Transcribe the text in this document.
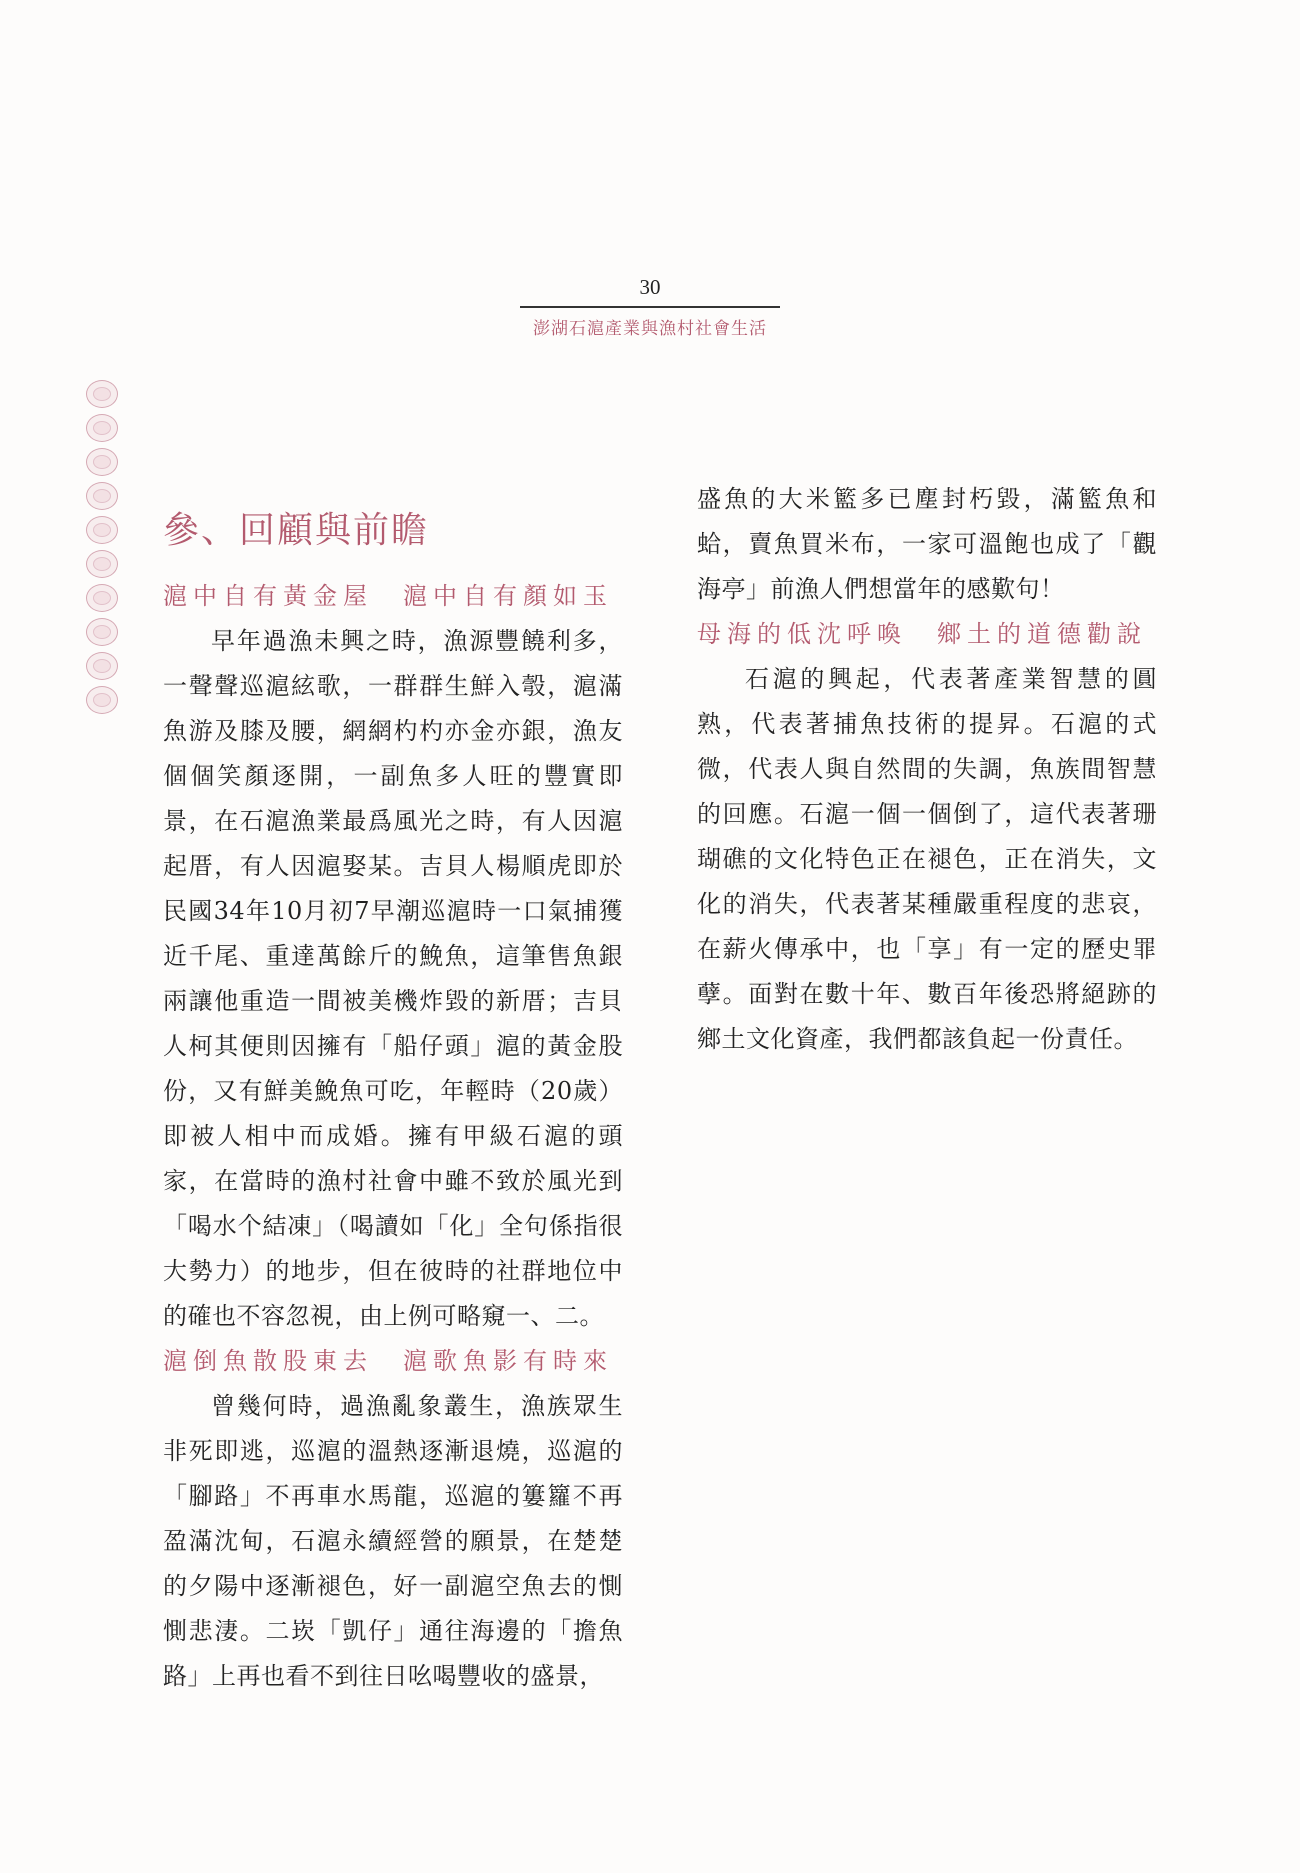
30
澎湖石滬產業與漁村社會生活
參、回顧與前瞻
滬中自有黃金屋　滬中自有顏如玉

早年過漁未興之時，漁源豐饒利多，一聲聲巡滬絃歌，一群群生鮮入彀，滬滿魚游及膝及腰，網網杓杓亦金亦銀，漁友個個笑顏逐開，一副魚多人旺的豐實即景，在石滬漁業最爲風光之時，有人因滬起厝，有人因滬娶某。吉貝人楊順虎即於民國34年10月初7早潮巡滬時一口氣捕獲近千尾、重達萬餘斤的鮸魚，這筆售魚銀兩讓他重造一間被美機炸毀的新厝；吉貝人柯其便則因擁有「船仔頭」滬的黃金股份，又有鮮美鮸魚可吃，年輕時（20歲）即被人相中而成婚。擁有甲級石滬的頭家，在當時的漁村社會中雖不致於風光到「喝水个結凍」（喝讀如「化」全句係指很大勢力）的地步，但在彼時的社群地位中的確也不容忽視，由上例可略窺一、二。

滬倒魚散股東去　滬歌魚影有時來

曾幾何時，過漁亂象叢生，漁族眾生非死即逃，巡滬的溫熱逐漸退燒，巡滬的「腳路」不再車水馬龍，巡滬的簍籮不再盈滿沈甸，石滬永續經營的願景，在楚楚的夕陽中逐漸褪色，好一副滬空魚去的惻惻悲淒。二崁「凱仔」通往海邊的「擔魚路」上再也看不到往日吆喝豐收的盛景，

盛魚的大米籃多已塵封朽毀，滿籃魚和蛤，賣魚買米布，一家可溫飽也成了「觀海亭」前漁人們想當年的感歎句！

母海的低沈呼喚　鄉土的道德勸說

石滬的興起，代表著產業智慧的圓熟，代表著捕魚技術的提昇。石滬的式微，代表人與自然間的失調，魚族間智慧的回應。石滬一個一個倒了，這代表著珊瑚礁的文化特色正在褪色，正在消失，文化的消失，代表著某種嚴重程度的悲哀，在薪火傳承中，也「享」有一定的歷史罪孽。面對在數十年、數百年後恐將絕跡的鄉土文化資產，我們都該負起一份責任。
